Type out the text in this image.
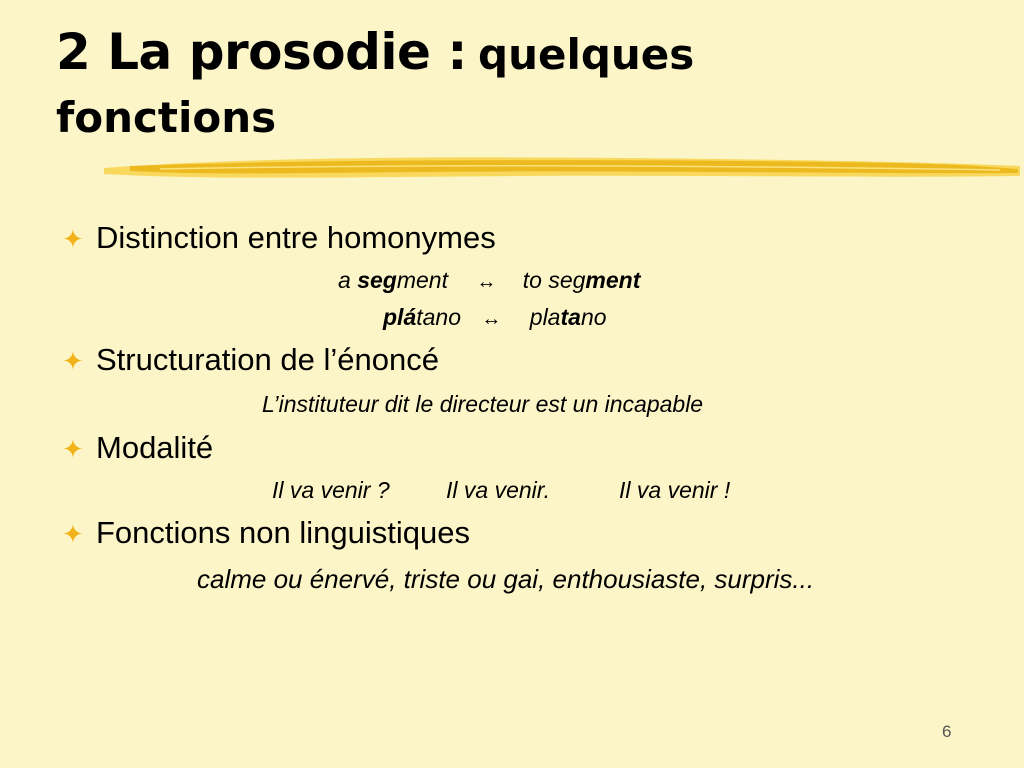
2 La prosodie : quelques
fonctions
✦ Distinction entre homonymes
a segment ↔ to segment
plátano ↔ platano
✦ Structuration de l’énoncé
L’instituteur dit le directeur est un incapable
✦ Modalité
Il va venir ? Il va venir.	Il va venir !
✦ Fonctions non linguistiques
calme ou énervé, triste ou gai, enthousiaste, surpris...
6
